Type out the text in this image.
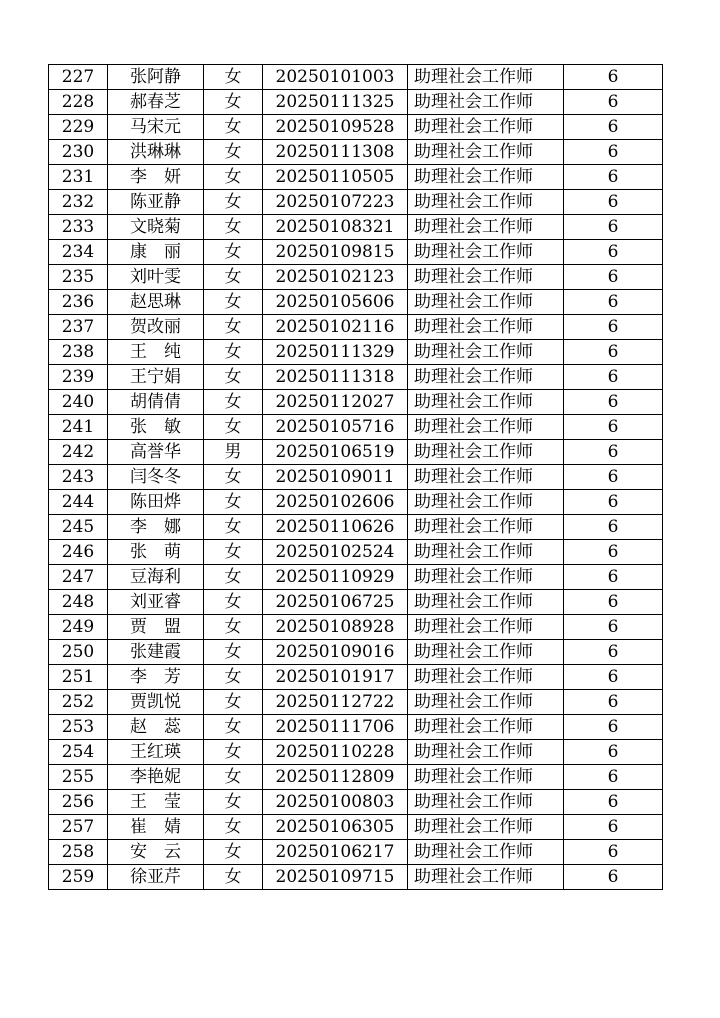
227	张阿静	女	20250101003	助理社会工作师	6
228	郝春芝	女	20250111325	助理社会工作师	6
229	马宋元	女	20250109528	助理社会工作师	6
230	洪琳琳	女	20250111308	助理社会工作师	6
231	李　妍	女	20250110505	助理社会工作师	6
232	陈亚静	女	20250107223	助理社会工作师	6
233	文晓菊	女	20250108321	助理社会工作师	6
234	康　丽	女	20250109815	助理社会工作师	6
235	刘叶雯	女	20250102123	助理社会工作师	6
236	赵思琳	女	20250105606	助理社会工作师	6
237	贺改丽	女	20250102116	助理社会工作师	6
238	王　纯	女	20250111329	助理社会工作师	6
239	王宁娟	女	20250111318	助理社会工作师	6
240	胡倩倩	女	20250112027	助理社会工作师	6
241	张　敏	女	20250105716	助理社会工作师	6
242	高誉华	男	20250106519	助理社会工作师	6
243	闫冬冬	女	20250109011	助理社会工作师	6
244	陈田烨	女	20250102606	助理社会工作师	6
245	李　娜	女	20250110626	助理社会工作师	6
246	张　萌	女	20250102524	助理社会工作师	6
247	豆海利	女	20250110929	助理社会工作师	6
248	刘亚睿	女	20250106725	助理社会工作师	6
249	贾　盟	女	20250108928	助理社会工作师	6
250	张建霞	女	20250109016	助理社会工作师	6
251	李　芳	女	20250101917	助理社会工作师	6
252	贾凯悦	女	20250112722	助理社会工作师	6
253	赵　蕊	女	20250111706	助理社会工作师	6
254	王红瑛	女	20250110228	助理社会工作师	6
255	李艳妮	女	20250112809	助理社会工作师	6
256	王　莹	女	20250100803	助理社会工作师	6
257	崔　婧	女	20250106305	助理社会工作师	6
258	安　云	女	20250106217	助理社会工作师	6
259	徐亚芹	女	20250109715	助理社会工作师	6
